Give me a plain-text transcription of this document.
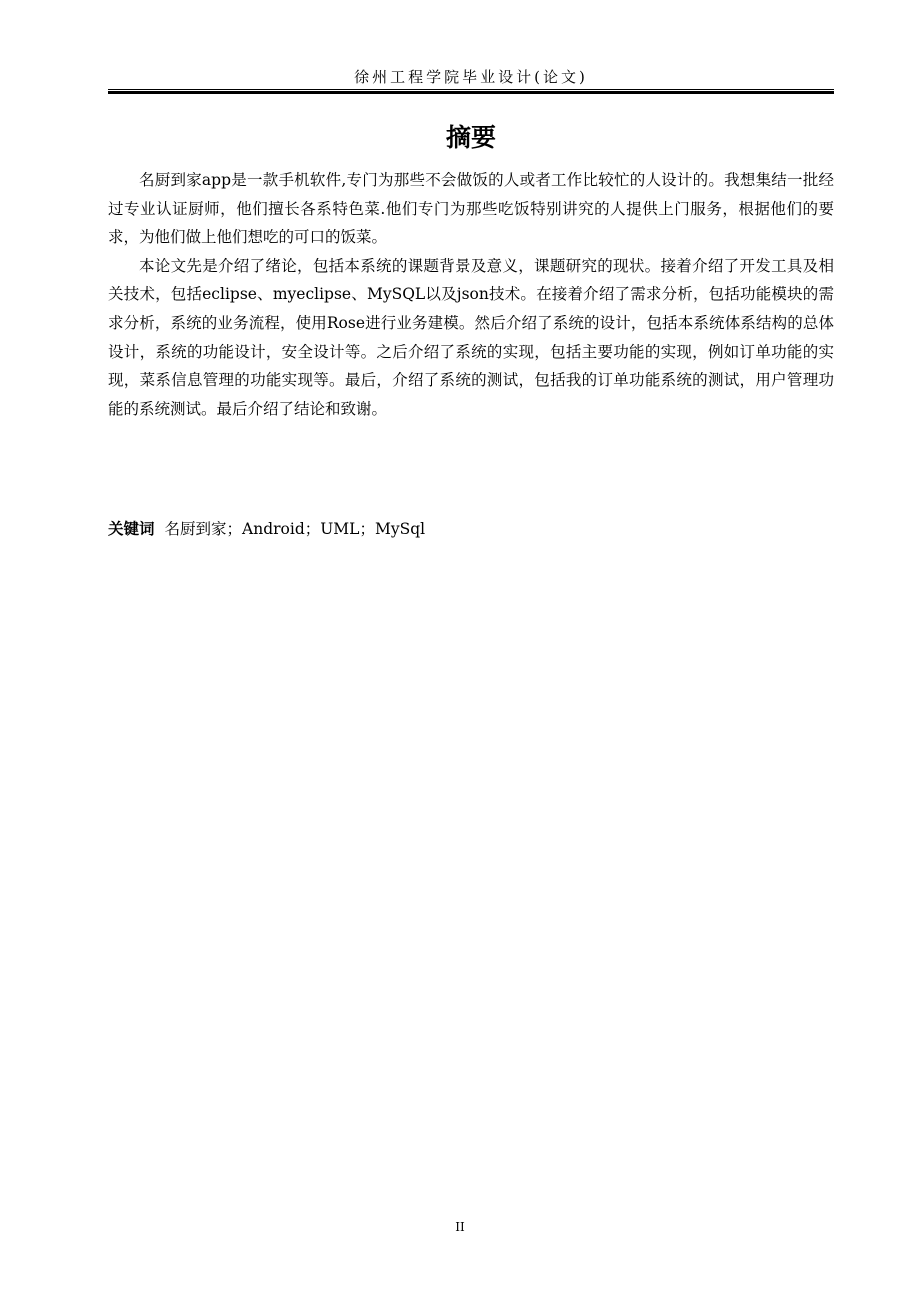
徐州工程学院毕业设计(论文)
摘要

名厨到家app是一款手机软件,专门为那些不会做饭的人或者工作比较忙的人设计的。我想集结一批经过专业认证厨师，他们擅长各系特色菜.他们专门为那些吃饭特别讲究的人提供上门服务，根据他们的要求，为他们做上他们想吃的可口的饭菜。

本论文先是介绍了绪论，包括本系统的课题背景及意义，课题研究的现状。接着介绍了开发工具及相关技术，包括eclipse、myeclipse、MySQL以及json技术。在接着介绍了需求分析，包括功能模块的需求分析，系统的业务流程，使用Rose进行业务建模。然后介绍了系统的设计，包括本系统体系结构的总体设计，系统的功能设计，安全设计等。之后介绍了系统的实现，包括主要功能的实现，例如订单功能的实现，菜系信息管理的功能实现等。最后，介绍了系统的测试，包括我的订单功能系统的测试，用户管理功能的系统测试。最后介绍了结论和致谢。

关键词 名厨到家；Android；UML；MySql
II
